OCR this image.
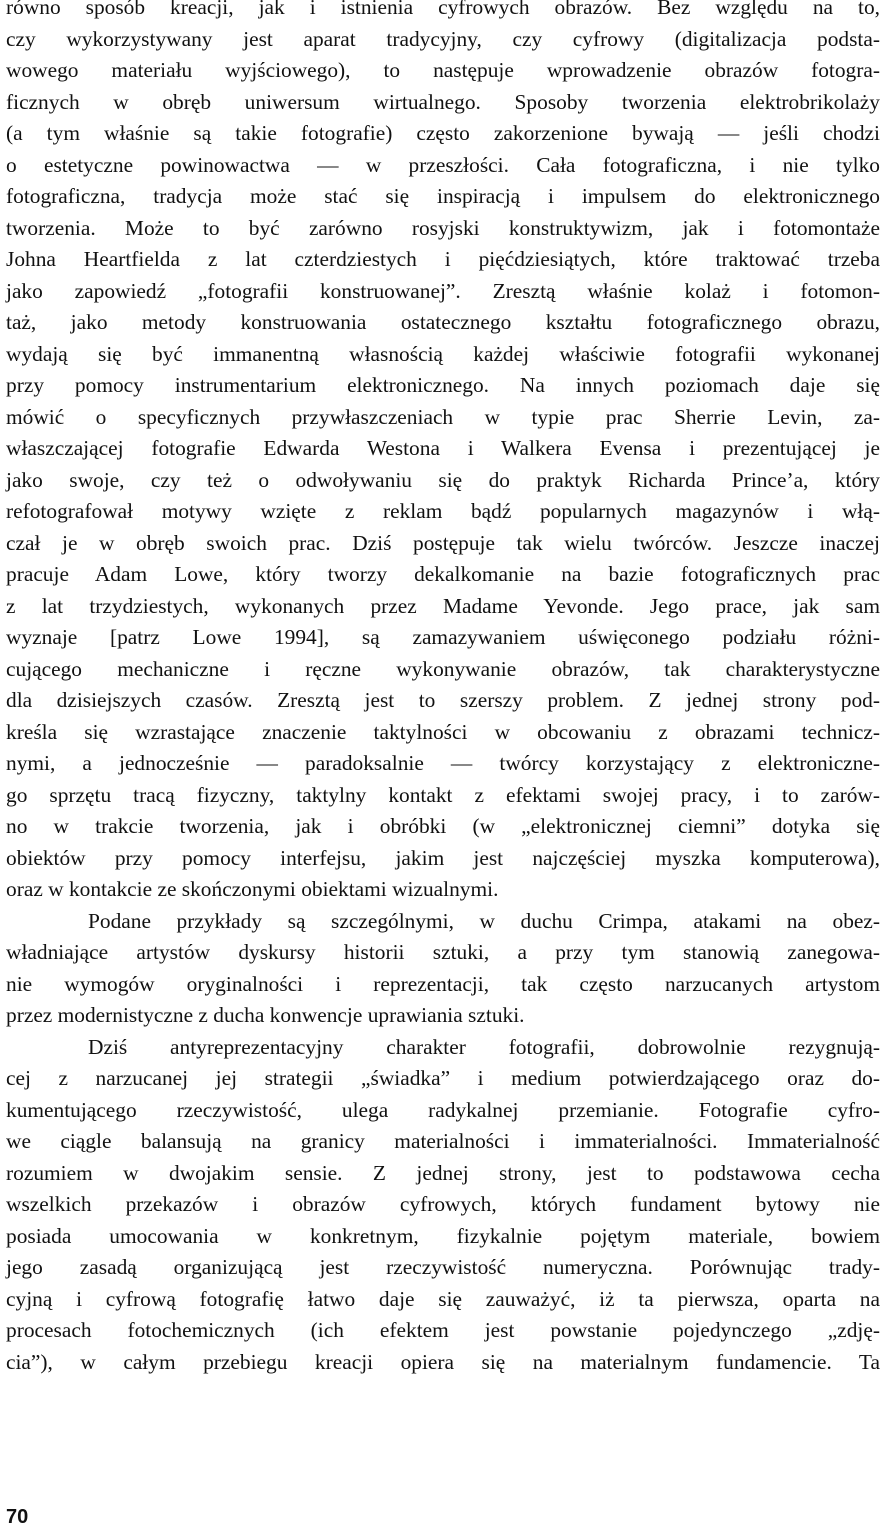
równo sposób kreacji, jak i istnienia cyfrowych obrazów. Bez względu na to,
czy wykorzystywany jest aparat tradycyjny, czy cyfrowy (digitalizacja podsta-
wowego materiału wyjściowego), to następuje wprowadzenie obrazów fotogra-
ficznych w obręb uniwersum wirtualnego. Sposoby tworzenia elektrobrikolaży
(a tym właśnie są takie fotografie) często zakorzenione bywają — jeśli chodzi
o estetyczne powinowactwa — w przeszłości. Cała fotograficzna, i nie tylko
fotograficzna, tradycja może stać się inspiracją i impulsem do elektronicznego
tworzenia. Może to być zarówno rosyjski konstruktywizm, jak i fotomontaże
Johna Heartfielda z lat czterdziestych i pięćdziesiątych, które traktować trzeba
jako zapowiedź „fotografii konstruowanej”. Zresztą właśnie kolaż i fotomon-
taż, jako metody konstruowania ostatecznego kształtu fotograficznego obrazu,
wydają się być immanentną własnością każdej właściwie fotografii wykonanej
przy pomocy instrumentarium elektronicznego. Na innych poziomach daje się
mówić o specyficznych przywłaszczeniach w typie prac Sherrie Levin, za-
właszczającej fotografie Edwarda Westona i Walkera Evensa i prezentującej je
jako swoje, czy też o odwoływaniu się do praktyk Richarda Prince’a, który
refotografował motywy wzięte z reklam bądź popularnych magazynów i włą-
czał je w obręb swoich prac. Dziś postępuje tak wielu twórców. Jeszcze inaczej
pracuje Adam Lowe, który tworzy dekalkomanie na bazie fotograficznych prac
z lat trzydziestych, wykonanych przez Madame Yevonde. Jego prace, jak sam
wyznaje [patrz Lowe 1994], są zamazywaniem uświęconego podziału różni-
cującego mechaniczne i ręczne wykonywanie obrazów, tak charakterystyczne
dla dzisiejszych czasów. Zresztą jest to szerszy problem. Z jednej strony pod-
kreśla się wzrastające znaczenie taktylności w obcowaniu z obrazami technicz-
nymi, a jednocześnie — paradoksalnie — twórcy korzystający z elektroniczne-
go sprzętu tracą fizyczny, taktylny kontakt z efektami swojej pracy, i to zarów-
no w trakcie tworzenia, jak i obróbki (w „elektronicznej ciemni” dotyka się
obiektów przy pomocy interfejsu, jakim jest najczęściej myszka komputerowa),
oraz w kontakcie ze skończonymi obiektami wizualnymi.
Podane przykłady są szczególnymi, w duchu Crimpa, atakami na obez-
władniające artystów dyskursy historii sztuki, a przy tym stanowią zanegowa-
nie wymogów oryginalności i reprezentacji, tak często narzucanych artystom
przez modernistyczne z ducha konwencje uprawiania sztuki.
Dziś antyreprezentacyjny charakter fotografii, dobrowolnie rezygnują-
cej z narzucanej jej strategii „świadka” i medium potwierdzającego oraz do-
kumentującego rzeczywistość, ulega radykalnej przemianie. Fotografie cyfro-
we ciągle balansują na granicy materialności i immaterialności. Immaterialność
rozumiem w dwojakim sensie. Z jednej strony, jest to podstawowa cecha
wszelkich przekazów i obrazów cyfrowych, których fundament bytowy nie
posiada umocowania w konkretnym, fizykalnie pojętym materiale, bowiem
jego zasadą organizującą jest rzeczywistość numeryczna. Porównując trady-
cyjną i cyfrową fotografię łatwo daje się zauważyć, iż ta pierwsza, oparta na
procesach fotochemicznych (ich efektem jest powstanie pojedynczego „zdję-
cia”), w całym przebiegu kreacji opiera się na materialnym fundamencie. Ta
70
